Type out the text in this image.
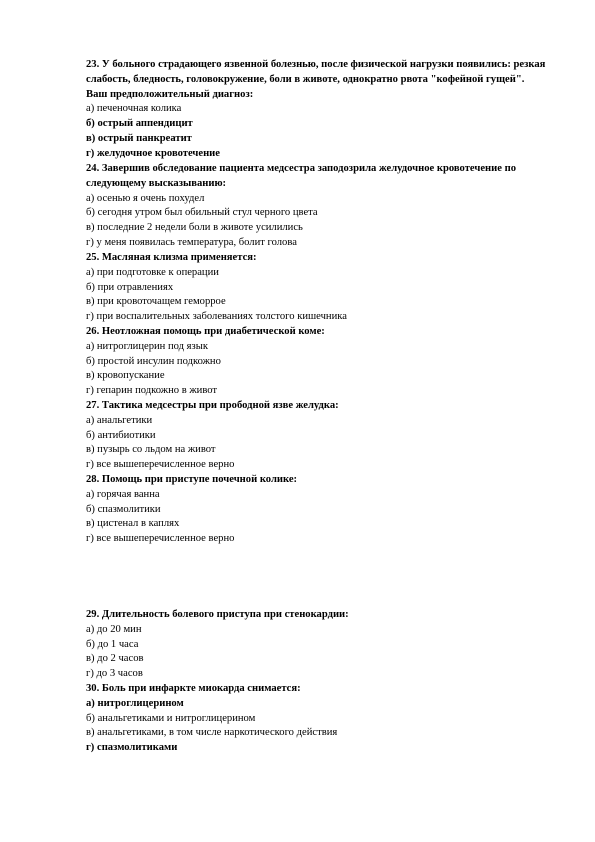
23. У больного страдающего язвенной болезнью, после физической нагрузки появились: резкая слабость, бледность, головокружение, боли в животе, однократно рвота "кофейной гущей". Ваш предположительный диагноз:

а) печеночная колика

б) острый аппендицит

в) острый панкреатит

г) желудочное кровотечение

24. Завершив обследование пациента медсестра заподозрила желудочное кровотечение по следующему высказыванию:

а) осенью я очень похудел

б) сегодня утром был обильный стул черного цвета

в) последние 2 недели боли в животе усилились

г) у меня появилась температура, болит голова

25. Масляная клизма применяется:

а) при подготовке к операции

б) при отравлениях

в) при кровоточащем геморрое

г) при воспалительных заболеваниях толстого кишечника

26. Неотложная помощь при диабетической коме:

а) нитроглицерин под язык

б) простой инсулин подкожно

в) кровопускание

г) гепарин подкожно в живот

27. Тактика медсестры при прободной язве желудка:

а) анальгетики

б) антибиотики

в) пузырь со льдом на живот

г) все вышеперечисленное верно

28. Помощь при приступе почечной колике:

а) горячая ванна

б) спазмолитики

в) цистенал в каплях

г) все вышеперечисленное верно

29. Длительность болевого приступа при стенокардии:

а) до 20 мин

б) до 1 часа

в) до 2 часов

г) до 3 часов

30. Боль при инфаркте миокарда снимается:

а) нитроглицерином

б) анальгетиками и нитроглицерином

в) анальгетиками, в том числе наркотического действия

г) спазмолитиками
